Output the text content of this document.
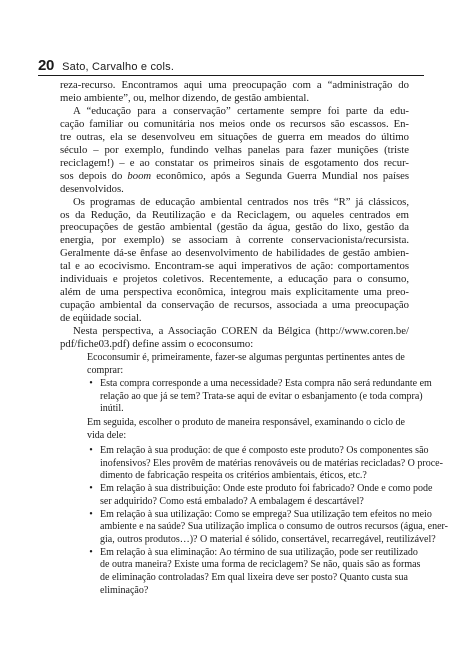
20 Sato, Carvalho e cols.
reza-recurso. Encontramos aqui uma preocupação com a “administração do
meio ambiente”, ou, melhor dizendo, de gestão ambiental.
A “educação para a conservação” certamente sempre foi parte da edu-
cação familiar ou comunitária nos meios onde os recursos são escassos. En-
tre outras, ela se desenvolveu em situações de guerra em meados do último
século – por exemplo, fundindo velhas panelas para fazer munições (triste
reciclagem!) – e ao constatar os primeiros sinais de esgotamento dos recur-
sos depois do boom econômico, após a Segunda Guerra Mundial nos países
desenvolvidos.
Os programas de educação ambiental centrados nos três “R” já clássicos,
os da Redução, da Reutilização e da Reciclagem, ou aqueles centrados em
preocupações de gestão ambiental (gestão da água, gestão do lixo, gestão da
energia, por exemplo) se associam à corrente conservacionista/recursista.
Geralmente dá-se ênfase ao desenvolvimento de habilidades de gestão ambien-
tal e ao ecocivismo. Encontram-se aqui imperativos de ação: comportamentos
individuais e projetos coletivos. Recentemente, a educação para o consumo,
além de uma perspectiva econômica, integrou mais explicitamente uma preo-
cupação ambiental da conservação de recursos, associada a uma preocupação
de eqüidade social.
Nesta perspectiva, a Associação COREN da Bélgica (http://www.coren.be/
pdf/fiche03.pdf) define assim o ecoconsumo:
Ecoconsumir é, primeiramente, fazer-se algumas perguntas pertinentes antes de comprar:
• Esta compra corresponde a uma necessidade? Esta compra não será redundante em
relação ao que já se tem? Trata-se aqui de evitar o esbanjamento (e toda compra)
inútil.
Em seguida, escolher o produto de maneira responsável, examinando o ciclo de vida dele:
• Em relação à sua produção: de que é composto este produto? Os componentes são
inofensivos? Eles provêm de matérias renováveis ou de matérias recicladas? O proce-
dimento de fabricação respeita os critérios ambientais, éticos, etc.?
• Em relação à sua distribuição: Onde este produto foi fabricado? Onde e como pode
ser adquirido? Como está embalado? A embalagem é descartável?
• Em relação à sua utilização: Como se emprega? Sua utilização tem efeitos no meio
ambiente e na saúde? Sua utilização implica o consumo de outros recursos (água, ener-
gia, outros produtos…)? O material é sólido, consertável, recarregável, reutilizável?
• Em relação à sua eliminação: Ao término de sua utilização, pode ser reutilizado
de outra maneira? Existe uma forma de reciclagem? Se não, quais são as formas
de eliminação controladas? Em qual lixeira deve ser posto? Quanto custa sua
eliminação?
